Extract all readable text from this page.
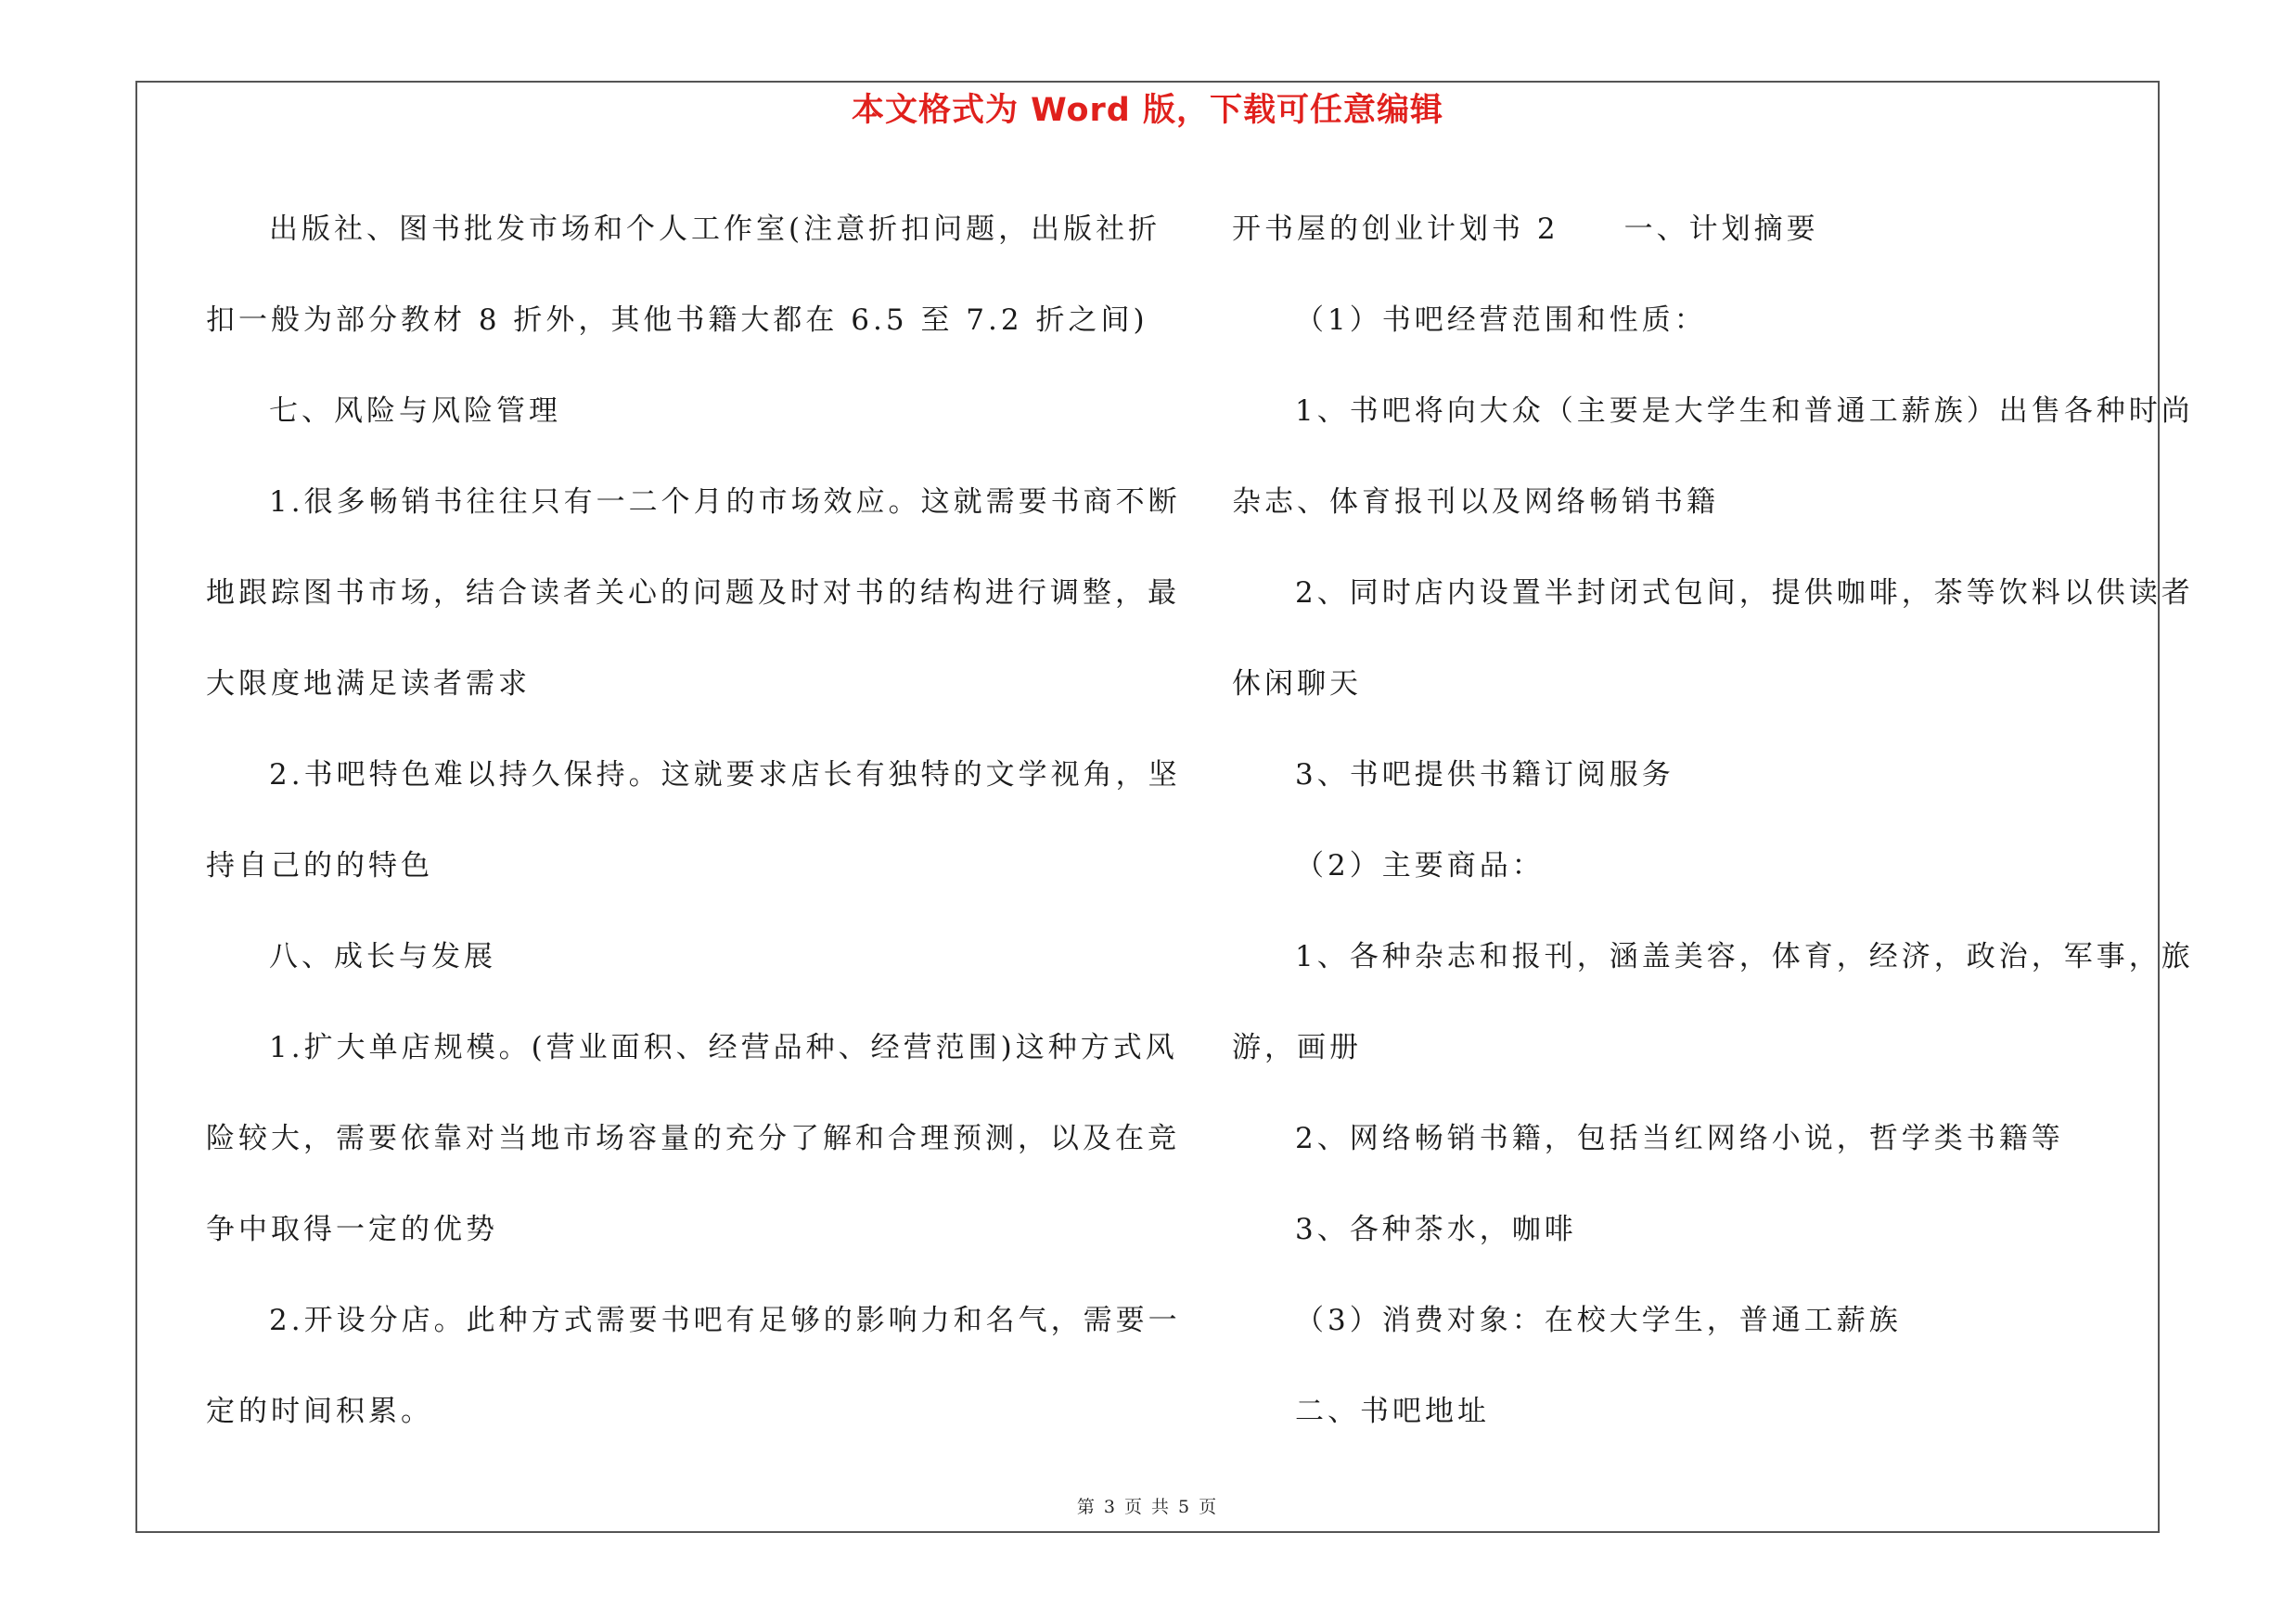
本文格式为 Word 版，下载可任意编辑

出版社、图书批发市场和个人工作室(注意折扣问题，出版社折

扣一般为部分教材 8 折外，其他书籍大都在 6.5 至 7.2 折之间)

七、风险与风险管理

1.很多畅销书往往只有一二个月的市场效应。这就需要书商不断

地跟踪图书市场，结合读者关心的问题及时对书的结构进行调整，最

大限度地满足读者需求

2.书吧特色难以持久保持。这就要求店长有独特的文学视角，坚

持自己的的特色

八、成长与发展

1.扩大单店规模。(营业面积、经营品种、经营范围)这种方式风

险较大，需要依靠对当地市场容量的充分了解和合理预测，以及在竞

争中取得一定的优势

2.开设分店。此种方式需要书吧有足够的影响力和名气，需要一

定的时间积累。

开书屋的创业计划书 2　　一、计划摘要

（1）书吧经营范围和性质：

1、书吧将向大众（主要是大学生和普通工薪族）出售各种时尚

杂志、体育报刊以及网络畅销书籍

2、同时店内设置半封闭式包间，提供咖啡，茶等饮料以供读者

休闲聊天

3、书吧提供书籍订阅服务

（2）主要商品：

1、各种杂志和报刊，涵盖美容，体育，经济，政治，军事，旅

游，画册

2、网络畅销书籍，包括当红网络小说，哲学类书籍等

3、各种茶水，咖啡

（3）消费对象：在校大学生，普通工薪族

二、书吧地址

第 3 页 共 5 页
